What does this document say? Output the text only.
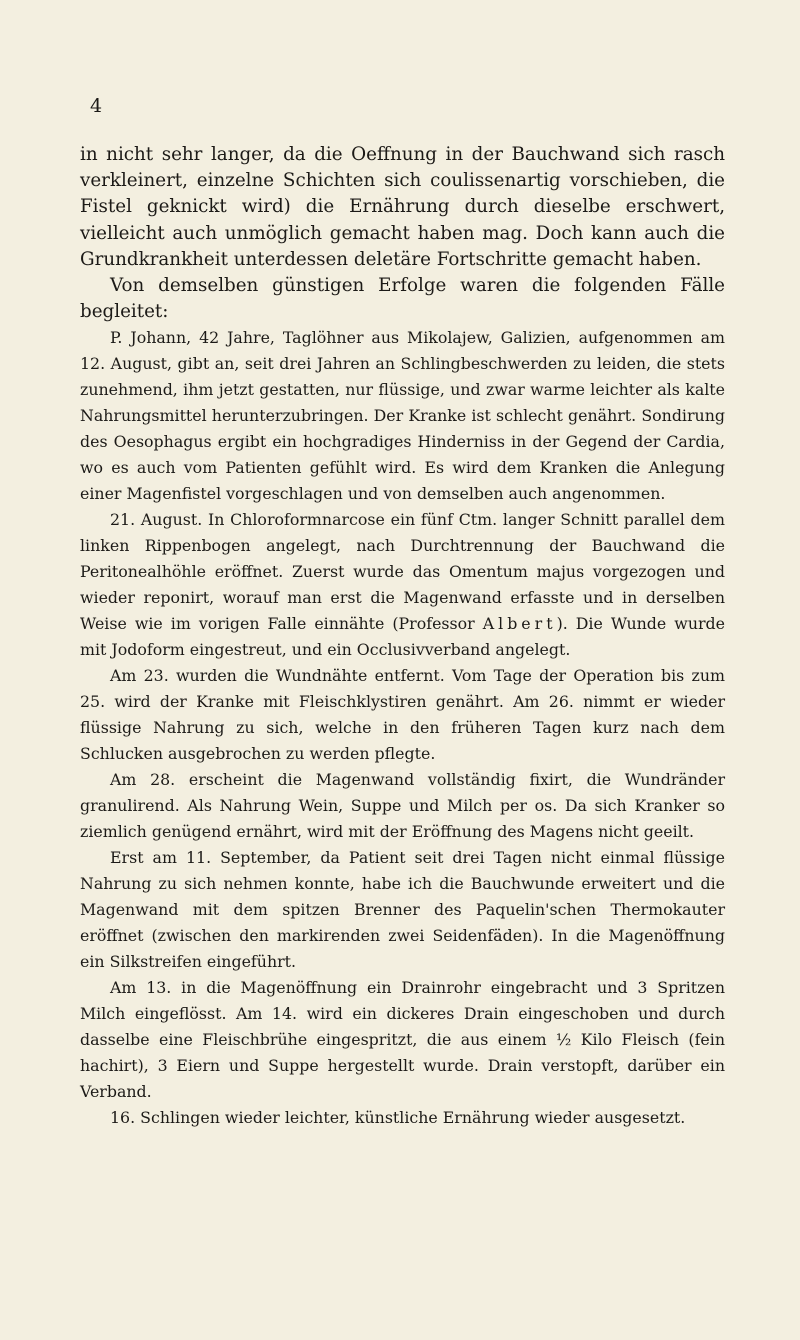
4

in nicht sehr langer, da die Oeffnung in der Bauchwand sich rasch verkleinert, einzelne Schichten sich coulissenartig vorschieben, die Fistel geknickt wird) die Ernährung durch dieselbe erschwert, vielleicht auch unmöglich gemacht haben mag. Doch kann auch die Grundkrankheit unterdessen deletäre Fortschritte gemacht haben.

Von demselben günstigen Erfolge waren die folgenden Fälle begleitet:

P. Johann, 42 Jahre, Taglöhner aus Mikolajew, Galizien, aufgenommen am 12. August, gibt an, seit drei Jahren an Schlingbeschwerden zu leiden, die stets zunehmend, ihm jetzt gestatten, nur flüssige, und zwar warme leichter als kalte Nahrungsmittel herunterzubringen. Der Kranke ist schlecht genährt. Sondirung des Oesophagus ergibt ein hochgradiges Hinderniss in der Gegend der Cardia, wo es auch vom Patienten gefühlt wird. Es wird dem Kranken die Anlegung einer Magenfistel vorgeschlagen und von demselben auch angenommen.

21. August. In Chloroformnarcose ein fünf Ctm. langer Schnitt parallel dem linken Rippenbogen angelegt, nach Durchtrennung der Bauchwand die Peritonealhöhle eröffnet. Zuerst wurde das Omentum majus vorgezogen und wieder reponirt, worauf man erst die Magenwand erfasste und in derselben Weise wie im vorigen Falle einnähte (Professor Albert). Die Wunde wurde mit Jodoform eingestreut, und ein Occlusivverband angelegt.

Am 23. wurden die Wundnähte entfernt. Vom Tage der Operation bis zum 25. wird der Kranke mit Fleischklystiren genährt. Am 26. nimmt er wieder flüssige Nahrung zu sich, welche in den früheren Tagen kurz nach dem Schlucken ausgebrochen zu werden pflegte.

Am 28. erscheint die Magenwand vollständig fixirt, die Wundränder granulirend. Als Nahrung Wein, Suppe und Milch per os. Da sich Kranker so ziemlich genügend ernährt, wird mit der Eröffnung des Magens nicht geeilt.

Erst am 11. September, da Patient seit drei Tagen nicht einmal flüssige Nahrung zu sich nehmen konnte, habe ich die Bauchwunde erweitert und die Magenwand mit dem spitzen Brenner des Paquelin'schen Thermokauter eröffnet (zwischen den markirenden zwei Seidenfäden). In die Magenöffnung ein Silkstreifen eingeführt.

Am 13. in die Magenöffnung ein Drainrohr eingebracht und 3 Spritzen Milch eingeflösst. Am 14. wird ein dickeres Drain eingeschoben und durch dasselbe eine Fleischbrühe eingespritzt, die aus einem ½ Kilo Fleisch (fein hachirt), 3 Eiern und Suppe hergestellt wurde. Drain verstopft, darüber ein Verband.

16. Schlingen wieder leichter, künstliche Ernährung wieder ausgesetzt.
